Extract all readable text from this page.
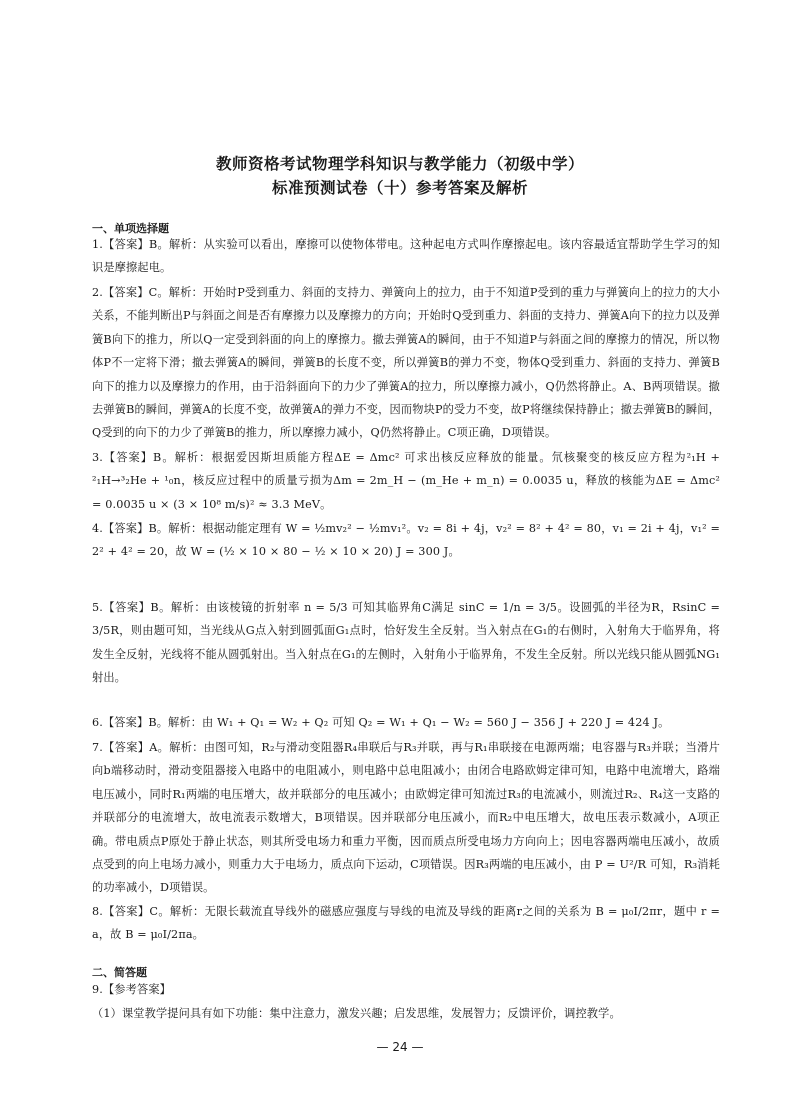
教师资格考试物理学科知识与教学能力（初级中学）
标准预测试卷（十）参考答案及解析
一、单项选择题
1.【答案】B。解析：从实验可以看出，摩擦可以使物体带电。这种起电方式叫作摩擦起电。该内容最适宜帮助学生学习的知识是摩擦起电。
2.【答案】C。解析：开始时P受到重力、斜面的支持力、弹簧向上的拉力，由于不知道P受到的重力与弹簧向上的拉力的大小关系，不能判断出P与斜面之间是否有摩擦力以及摩擦力的方向；开始时Q受到重力、斜面的支持力、弹簧A向下的拉力以及弹簧B向下的推力，所以Q一定受到斜面的向上的摩擦力。撤去弹簧A的瞬间，由于不知道P与斜面之间的摩擦力的情况，所以物体P不一定将下滑；撤去弹簧A的瞬间，弹簧B的长度不变，所以弹簧B的弹力不变，物体Q受到重力、斜面的支持力、弹簧B向下的推力以及摩擦力的作用，由于沿斜面向下的力少了弹簧A的拉力，所以摩擦力减小，Q仍然将静止。A、B两项错误。撤去弹簧B的瞬间，弹簧A的长度不变，故弹簧A的弹力不变，因而物块P的受力不变，故P将继续保持静止；撤去弹簧B的瞬间，Q受到的向下的力少了弹簧B的推力，所以摩擦力减小，Q仍然将静止。C项正确，D项错误。
3.【答案】B。解析：根据爱因斯坦质能方程ΔE = Δmc² 可求出核反应释放的能量。氘核聚变的核反应方程为²₁H + ²₁H→³₂He + ¹₀n，核反应过程中的质量亏损为Δm = 2m_H − (m_He + m_n) = 0.0035 u，释放的核能为ΔE = Δmc² = 0.0035 u × (3 × 10⁸ m/s)² ≈ 3.3 MeV。
4.【答案】B。解析：根据动能定理有 W = ½mv₂² − ½mv₁²。v₂ = 8i + 4j，v₂² = 8² + 4² = 80，v₁ = 2i + 4j，v₁² = 2² + 4² = 20，故 W = (½ × 10 × 80 − ½ × 10 × 20) J = 300 J。
5.【答案】B。解析：由该棱镜的折射率 n = 5/3 可知其临界角C满足 sinC = 1/n = 3/5。设圆弧的半径为R，RsinC = 3/5R，则由题可知，当光线从G点入射到圆弧面G₁点时，恰好发生全反射。当入射点在G₁的右侧时，入射角大于临界角，将发生全反射，光线将不能从圆弧射出。当入射点在G₁的左侧时，入射角小于临界角，不发生全反射。所以光线只能从圆弧NG₁射出。
6.【答案】B。解析：由 W₁ + Q₁ = W₂ + Q₂ 可知 Q₂ = W₁ + Q₁ − W₂ = 560 J − 356 J + 220 J = 424 J。
7.【答案】A。解析：由图可知，R₂与滑动变阻器R₄串联后与R₃并联，再与R₁串联接在电源两端；电容器与R₃并联；当滑片向b端移动时，滑动变阻器接入电路中的电阻减小，则电路中总电阻减小；由闭合电路欧姆定律可知，电路中电流增大，路端电压减小，同时R₁两端的电压增大，故并联部分的电压减小；由欧姆定律可知流过R₃的电流减小，则流过R₂、R₄这一支路的并联部分的电流增大，故电流表示数增大，B项错误。因并联部分电压减小，而R₂中电压增大，故电压表示数减小，A项正确。带电质点P原处于静止状态，则其所受电场力和重力平衡，因而质点所受电场力方向向上；因电容器两端电压减小，故质点受到的向上电场力减小，则重力大于电场力，质点向下运动，C项错误。因R₃两端的电压减小，由 P = U²/R 可知，R₃消耗的功率减小，D项错误。
8.【答案】C。解析：无限长载流直导线外的磁感应强度与导线的电流及导线的距离r之间的关系为 B = μ₀I/2πr，题中 r = a，故 B = μ₀I/2πa。
二、简答题
9.【参考答案】
（1）课堂教学提问具有如下功能：集中注意力，激发兴趣；启发思维，发展智力；反馈评价，调控教学。
— 24 —
